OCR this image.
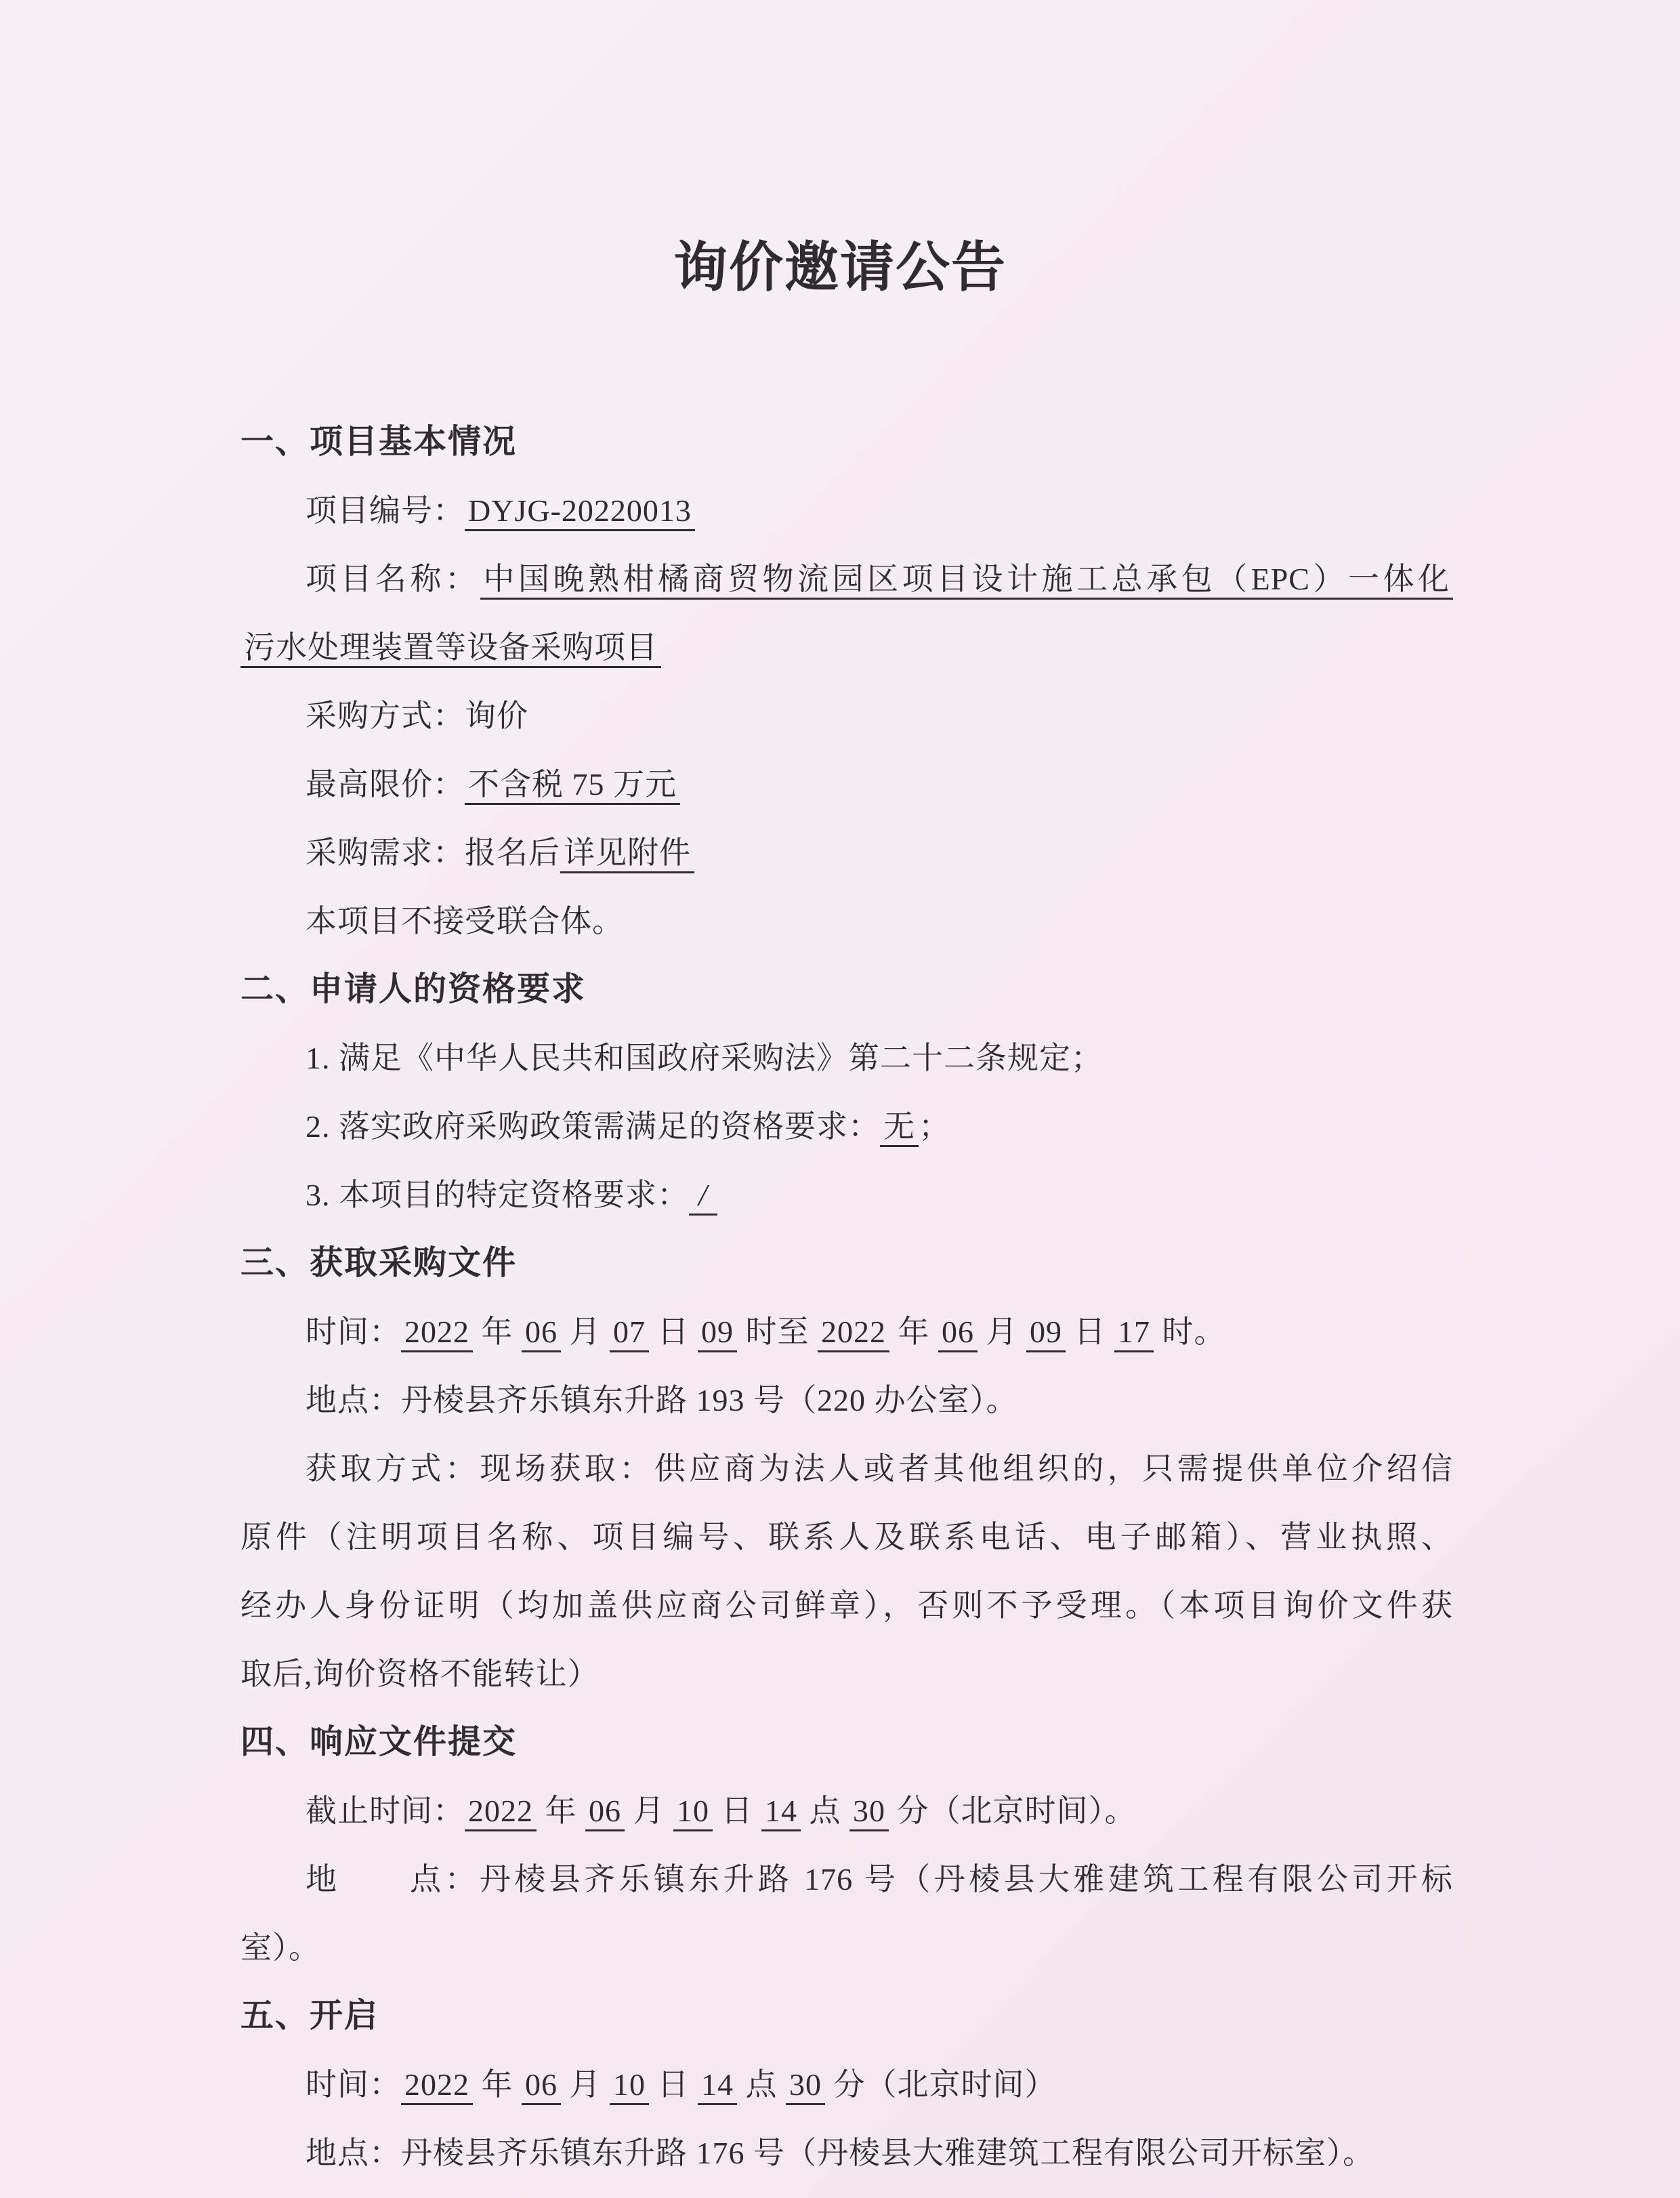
询价邀请公告
一、项目基本情况
项目编号： DYJG-20220013
项目名称： 中国晚熟柑橘商贸物流园区项目设计施工总承包（EPC）一体化
污水处理装置等设备采购项目
采购方式：询价
最高限价： 不含税 75 万元
采购需求：报名后 详见附件
本项目不接受联合体。
二、申请人的资格要求
1. 满足《中华人民共和国政府采购法》第二十二条规定；
2. 落实政府采购政策需满足的资格要求： 无 ；
3. 本项目的特定资格要求： /
三、获取采购文件
时间： 2022 年 06 月 07 日 09 时至 2022 年 06 月 09 日 17 时。
地点：丹棱县齐乐镇东升路 193 号（220 办公室）。
获取方式：现场获取：供应商为法人或者其他组织的，只需提供单位介绍信
原件（注明项目名称、项目编号、联系人及联系电话、电子邮箱）、营业执照、
经办人身份证明（均加盖供应商公司鲜章），否则不予受理。（本项目询价文件获
取后,询价资格不能转让）
四、响应文件提交
截止时间： 2022 年 06 月 10 日 14 点 30 分（北京时间）。
地　　点：丹棱县齐乐镇东升路 176 号（丹棱县大雅建筑工程有限公司开标
室）。
五、开启
时间： 2022 年 06 月 10 日 14 点 30 分（北京时间）
地点：丹棱县齐乐镇东升路 176 号（丹棱县大雅建筑工程有限公司开标室）。
